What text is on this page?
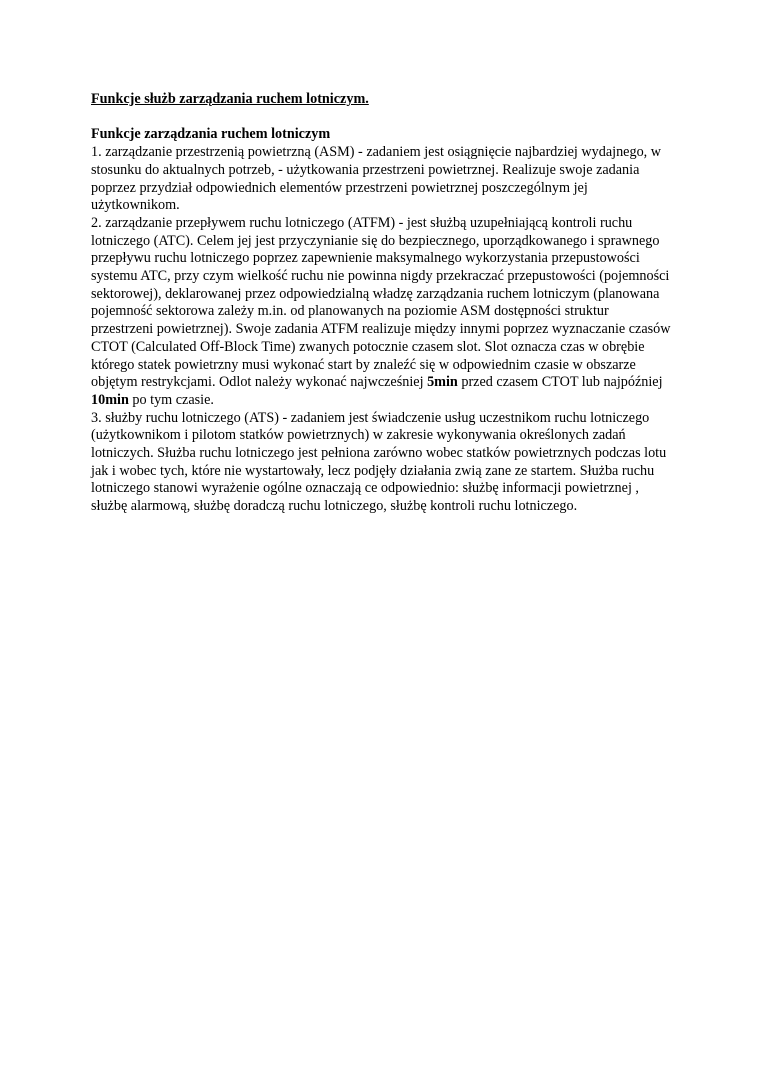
Funkcje służb zarządzania ruchem lotniczym.

Funkcje zarządzania ruchem lotniczym

1. zarządzanie przestrzenią powietrzną (ASM) - zadaniem jest osiągnięcie najbardziej wydajnego, w stosunku do aktualnych potrzeb, - użytkowania przestrzeni powietrznej. Realizuje swoje zadania poprzez przydział odpowiednich elementów przestrzeni powietrznej poszczególnym jej użytkownikom.

2. zarządzanie przepływem ruchu lotniczego (ATFM) - jest służbą uzupełniającą kontroli ruchu lotniczego (ATC). Celem jej jest przyczynianie się do bezpiecznego, uporządkowanego i sprawnego przepływu ruchu lotniczego poprzez zapewnienie maksymalnego wykorzystania przepustowości systemu ATC, przy czym wielkość ruchu nie powinna nigdy przekraczać przepustowości (pojemności sektorowej), deklarowanej przez odpowiedzialną władzę zarządzania ruchem lotniczym (planowana pojemność sektorowa zależy m.in. od planowanych na poziomie ASM dostępności struktur przestrzeni powietrznej). Swoje zadania ATFM realizuje między innymi poprzez wyznaczanie czasów CTOT (Calculated Off-Block Time) zwanych potocznie czasem slot. Slot oznacza czas w obrębie którego statek powietrzny musi wykonać start by znaleźć się w odpowiednim czasie w obszarze objętym restrykcjami. Odlot należy wykonać najwcześniej 5min przed czasem CTOT lub najpóźniej 10min po tym czasie.

3. służby ruchu lotniczego (ATS) - zadaniem jest świadczenie usług uczestnikom ruchu lotniczego (użytkownikom i pilotom statków powietrznych) w zakresie wykonywania określonych zadań lotniczych. Służba ruchu lotniczego jest pełniona zarówno wobec statków powietrznych podczas lotu jak i wobec tych, które nie wystartowały, lecz podjęły działania zwią zane ze startem. Służba ruchu lotniczego stanowi wyrażenie ogólne oznaczają ce odpowiednio: służbę informacji powietrznej , służbę alarmową, służbę doradczą ruchu lotniczego, służbę kontroli ruchu lotniczego.
